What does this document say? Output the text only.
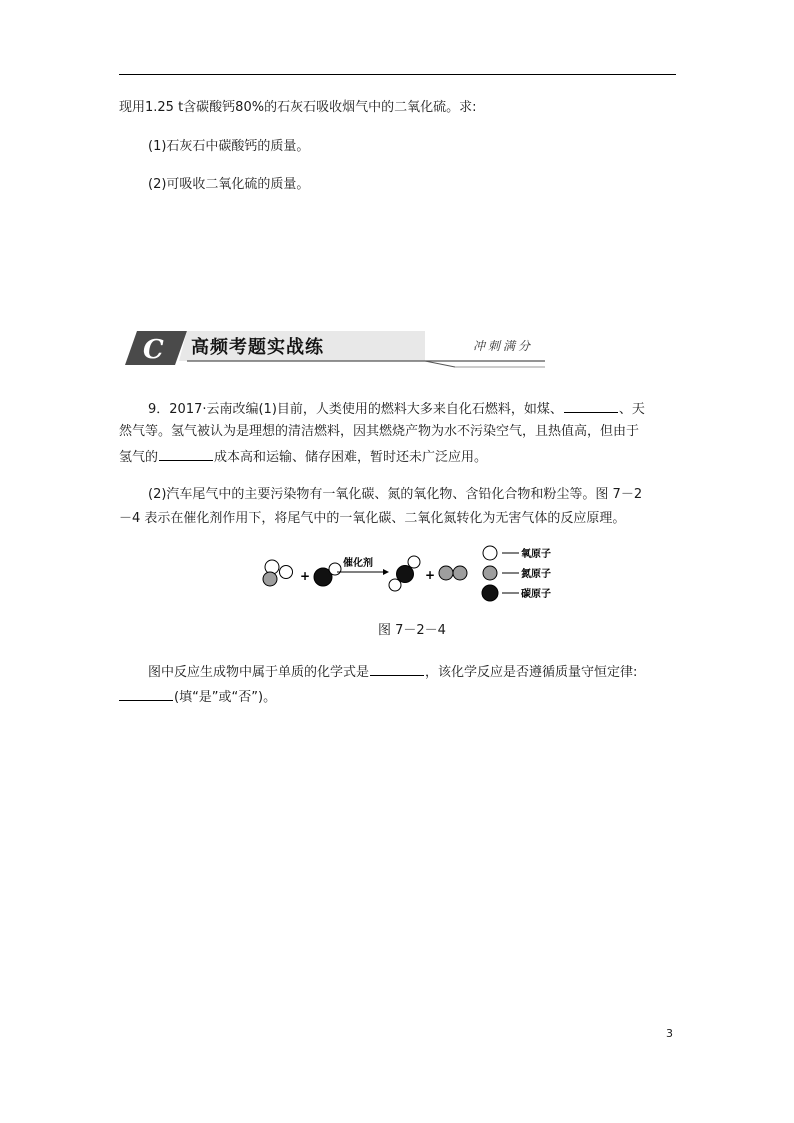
现用1.25 t含碳酸钙80%的石灰石吸收烟气中的二氧化硫。求:
(1)石灰石中碳酸钙的质量。
(2)可吸收二氧化硫的质量。
C 高频考题实战练	冲刺满分
9．2017·云南改编(1)目前，人类使用的燃料大多来自化石燃料，如煤、	、天
然气等。氢气被认为是理想的清洁燃料，因其燃烧产物为水不污染空气，且热值高，但由于
氢气的	成本高和运输、储存困难，暂时还未广泛应用。
(2)汽车尾气中的主要污染物有一氧化碳、氮的氧化物、含铅化合物和粉尘等。图 7－2
－4 表示在催化剂作用下，将尾气中的一氧化碳、二氧化氮转化为无害气体的反应原理。
+
催化剂
+
氧原子
氮原子
碳原子
图 7－2－4
图中反应生成物中属于单质的化学式是	，该化学反应是否遵循质量守恒定律:
(填“是”或“否”)。
3
